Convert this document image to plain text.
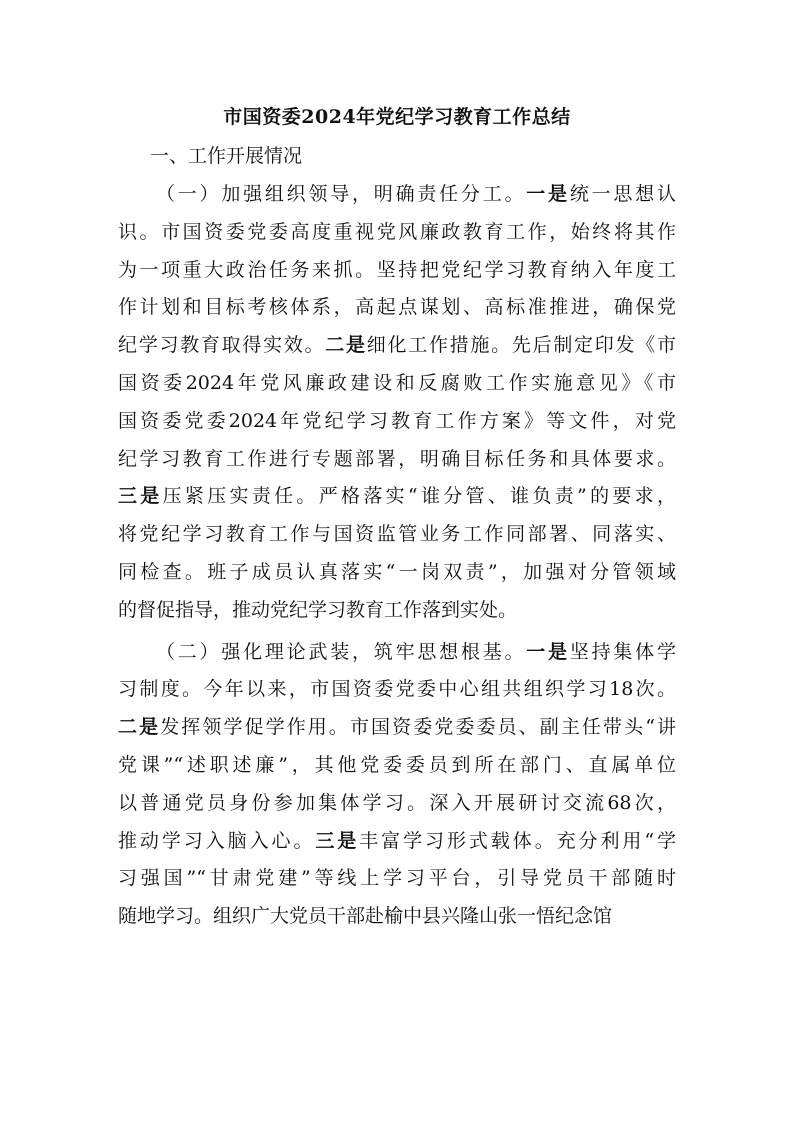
市国资委2024年党纪学习教育工作总结

一、工作开展情况

（一）加强组织领导，明确责任分工。一是统一思想认
识。市国资委党委高度重视党风廉政教育工作，始终将其作
为一项重大政治任务来抓。坚持把党纪学习教育纳入年度工
作计划和目标考核体系，高起点谋划、高标准推进，确保党
纪学习教育取得实效。二是细化工作措施。先后制定印发《市
国资委2024年党风廉政建设和反腐败工作实施意见》《市
国资委党委2024年党纪学习教育工作方案》等文件，对党
纪学习教育工作进行专题部署，明确目标任务和具体要求。
三是压紧压实责任。严格落实“谁分管、谁负责”的要求，
将党纪学习教育工作与国资监管业务工作同部署、同落实、
同检查。班子成员认真落实“一岗双责”，加强对分管领域
的督促指导，推动党纪学习教育工作落到实处。
（二）强化理论武装，筑牢思想根基。一是坚持集体学
习制度。今年以来，市国资委党委中心组共组织学习18次。
二是发挥领学促学作用。市国资委党委委员、副主任带头“讲
党课”“述职述廉”，其他党委委员到所在部门、直属单位
以普通党员身份参加集体学习。深入开展研讨交流68次，
推动学习入脑入心。三是丰富学习形式载体。充分利用“学
习强国”“甘肃党建”等线上学习平台，引导党员干部随时
随地学习。组织广大党员干部赴榆中县兴隆山张一悟纪念馆
